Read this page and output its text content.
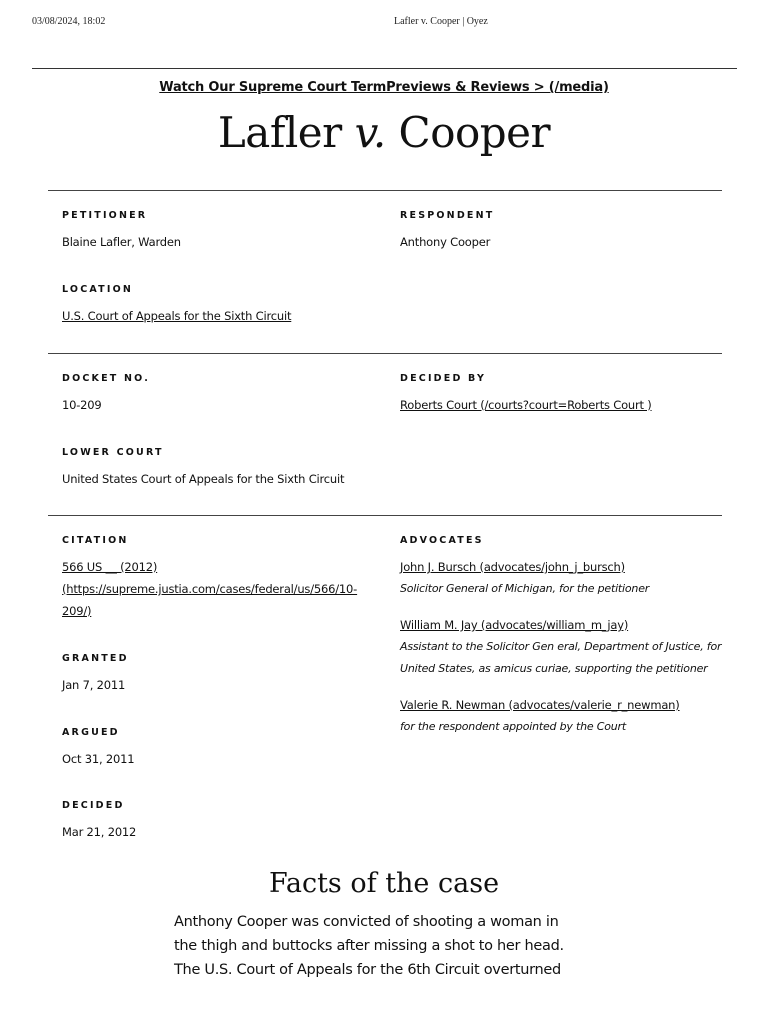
03/08/2024, 18:02	Lafler v. Cooper | Oyez
Watch Our Supreme Court TermPreviews & Reviews > (/media)
Lafler v. Cooper
PETITIONER
Blaine Lafler, Warden
RESPONDENT
Anthony Cooper
LOCATION
U.S. Court of Appeals for the Sixth Circuit
DOCKET NO.
10-209
DECIDED BY
Roberts Court (/courts?court=Roberts Court )
LOWER COURT
United States Court of Appeals for the Sixth Circuit
CITATION
566 US __ (2012)
(https://supreme.justia.com/cases/federal/us/566/10-
209/)
GRANTED
Jan 7, 2011
ARGUED
Oct 31, 2011
DECIDED
Mar 21, 2012
ADVOCATES
John J. Bursch (advocates/john_j_bursch)
Solicitor General of Michigan, for the petitioner
William M. Jay (advocates/william_m_jay)
Assistant to the Solicitor Gen eral, Department of Justice, for
United States, as amicus curiae, supporting the petitioner
Valerie R. Newman (advocates/valerie_r_newman)
for the respondent appointed by the Court
Facts of the case
Anthony Cooper was convicted of shooting a woman in
the thigh and buttocks after missing a shot to her head.
The U.S. Court of Appeals for the 6th Circuit overturned
